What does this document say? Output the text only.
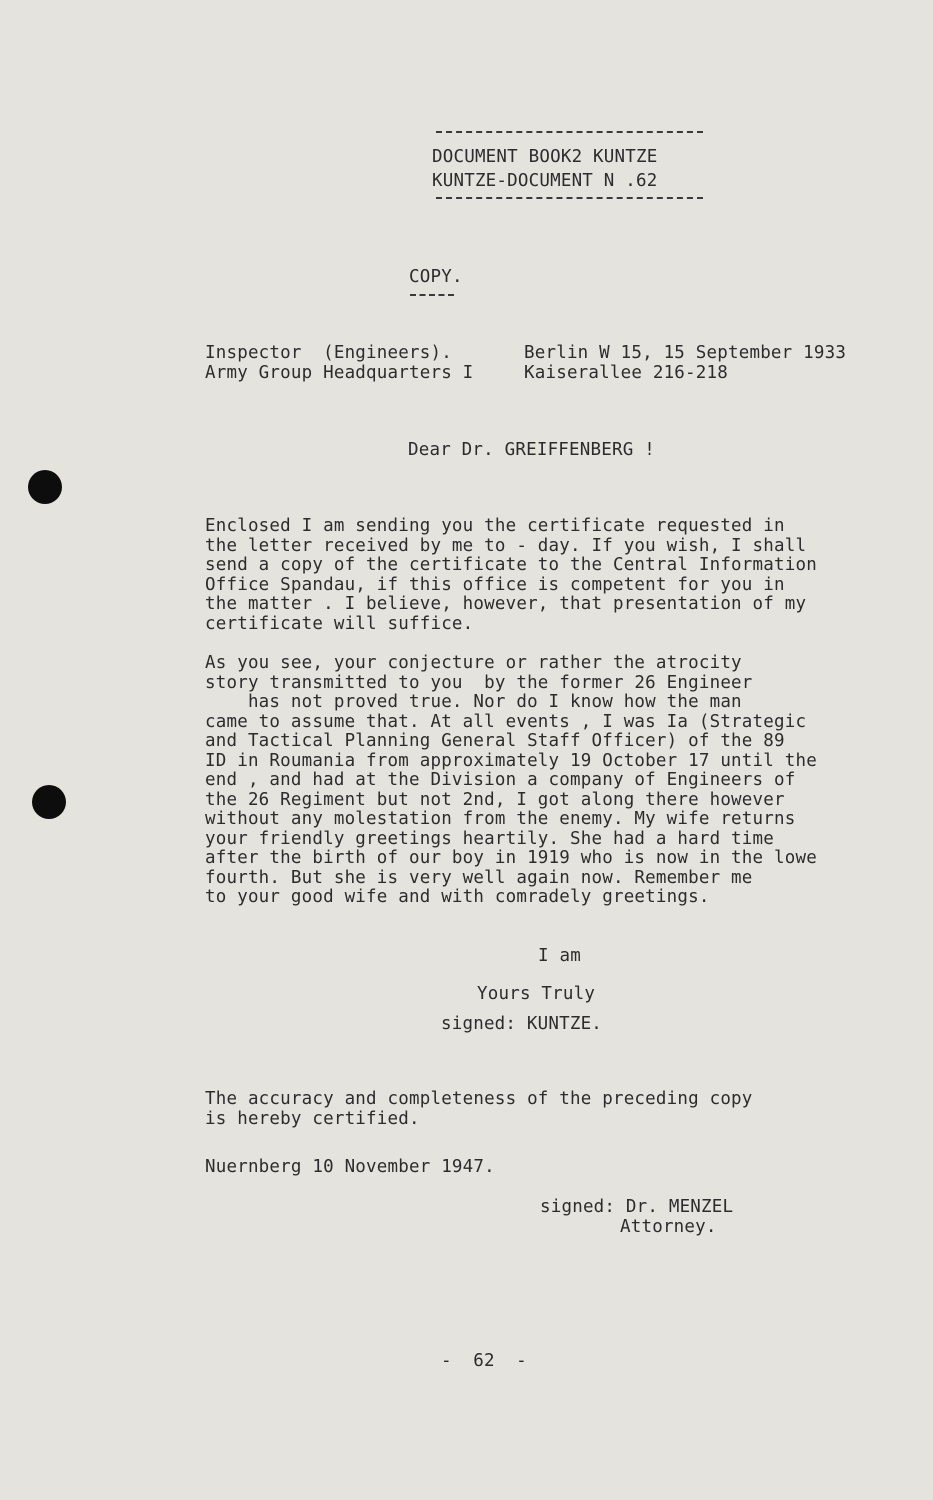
DOCUMENT BOOK2 KUNTZE
KUNTZE-DOCUMENT N .62
COPY.
Inspector  (Engineers).
Army Group Headquarters I
Berlin W 15, 15 September 1933
Kaiserallee 216-218
Dear Dr. GREIFFENBERG !
Enclosed I am sending you the certificate requested in
the letter received by me to - day. If you wish, I shall
send a copy of the certificate to the Central Information
Office Spandau, if this office is competent for you in
the matter . I believe, however, that presentation of my
certificate will suffice.
As you see, your conjecture or rather the atrocity
story transmitted to you  by the former 26 Engineer
has not proved true. Nor do I know how the man
came to assume that. At all events , I was Ia (Strategic
and Tactical Planning General Staff Officer) of the 89
ID in Roumania from approximately 19 October 17 until the
end , and had at the Division a company of Engineers of
the 26 Regiment but not 2nd, I got along there however
without any molestation from the enemy. My wife returns
your friendly greetings heartily. She had a hard time
after the birth of our boy in 1919 who is now in the lowe
fourth. But she is very well again now. Remember me
to your good wife and with comradely greetings.
I am
Yours Truly
signed: KUNTZE.
The accuracy and completeness of the preceding copy
is hereby certified.
Nuernberg 10 November 1947.
signed: Dr. MENZEL
Attorney.
-  62  -
